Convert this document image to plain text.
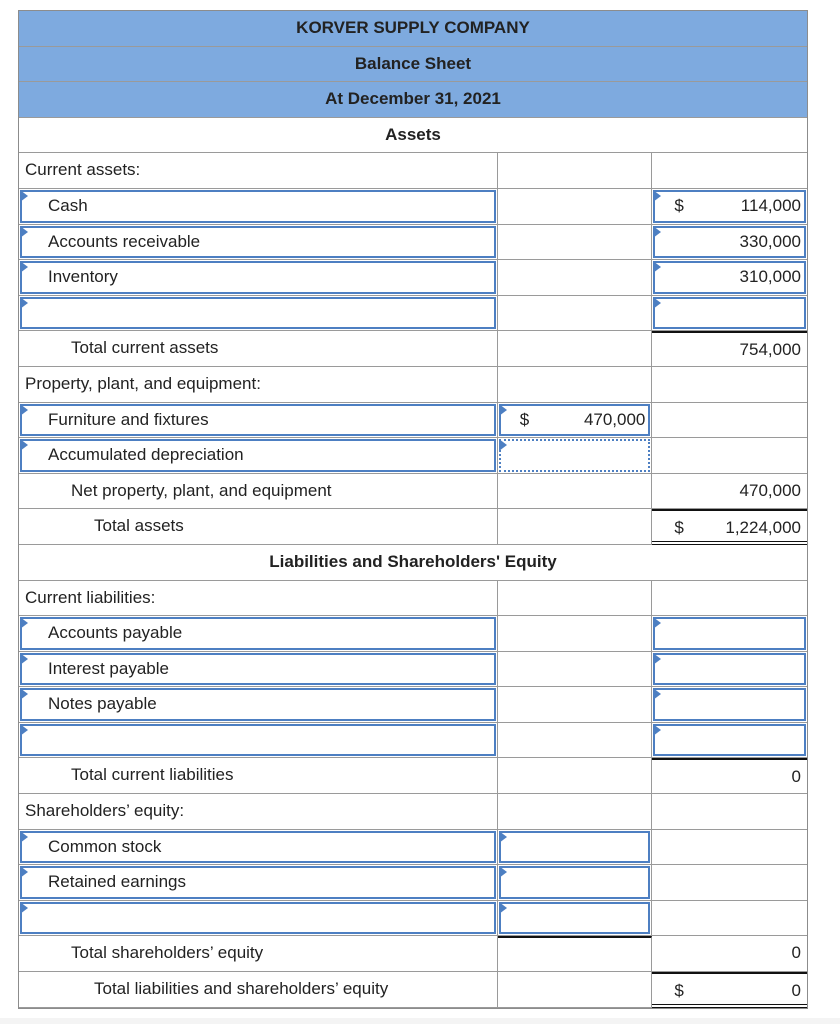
KORVER SUPPLY COMPANY
Balance Sheet
At December 31, 2021
Assets
Current assets:
Cash	$	114,000
Accounts receivable	330,000
Inventory	310,000
Total current assets	754,000
Property, plant, and equipment:
Furniture and fixtures	$	470,000
Accumulated depreciation
Net property, plant, and equipment	470,000
Total assets	$ 1,224,000
Liabilities and Shareholders' Equity
Current liabilities:
Accounts payable
Interest payable
Notes payable
Total current liabilities	0
Shareholders’ equity:
Common stock
Retained earnings
Total shareholders’ equity	0
Total liabilities and shareholders’ equity	$	0
